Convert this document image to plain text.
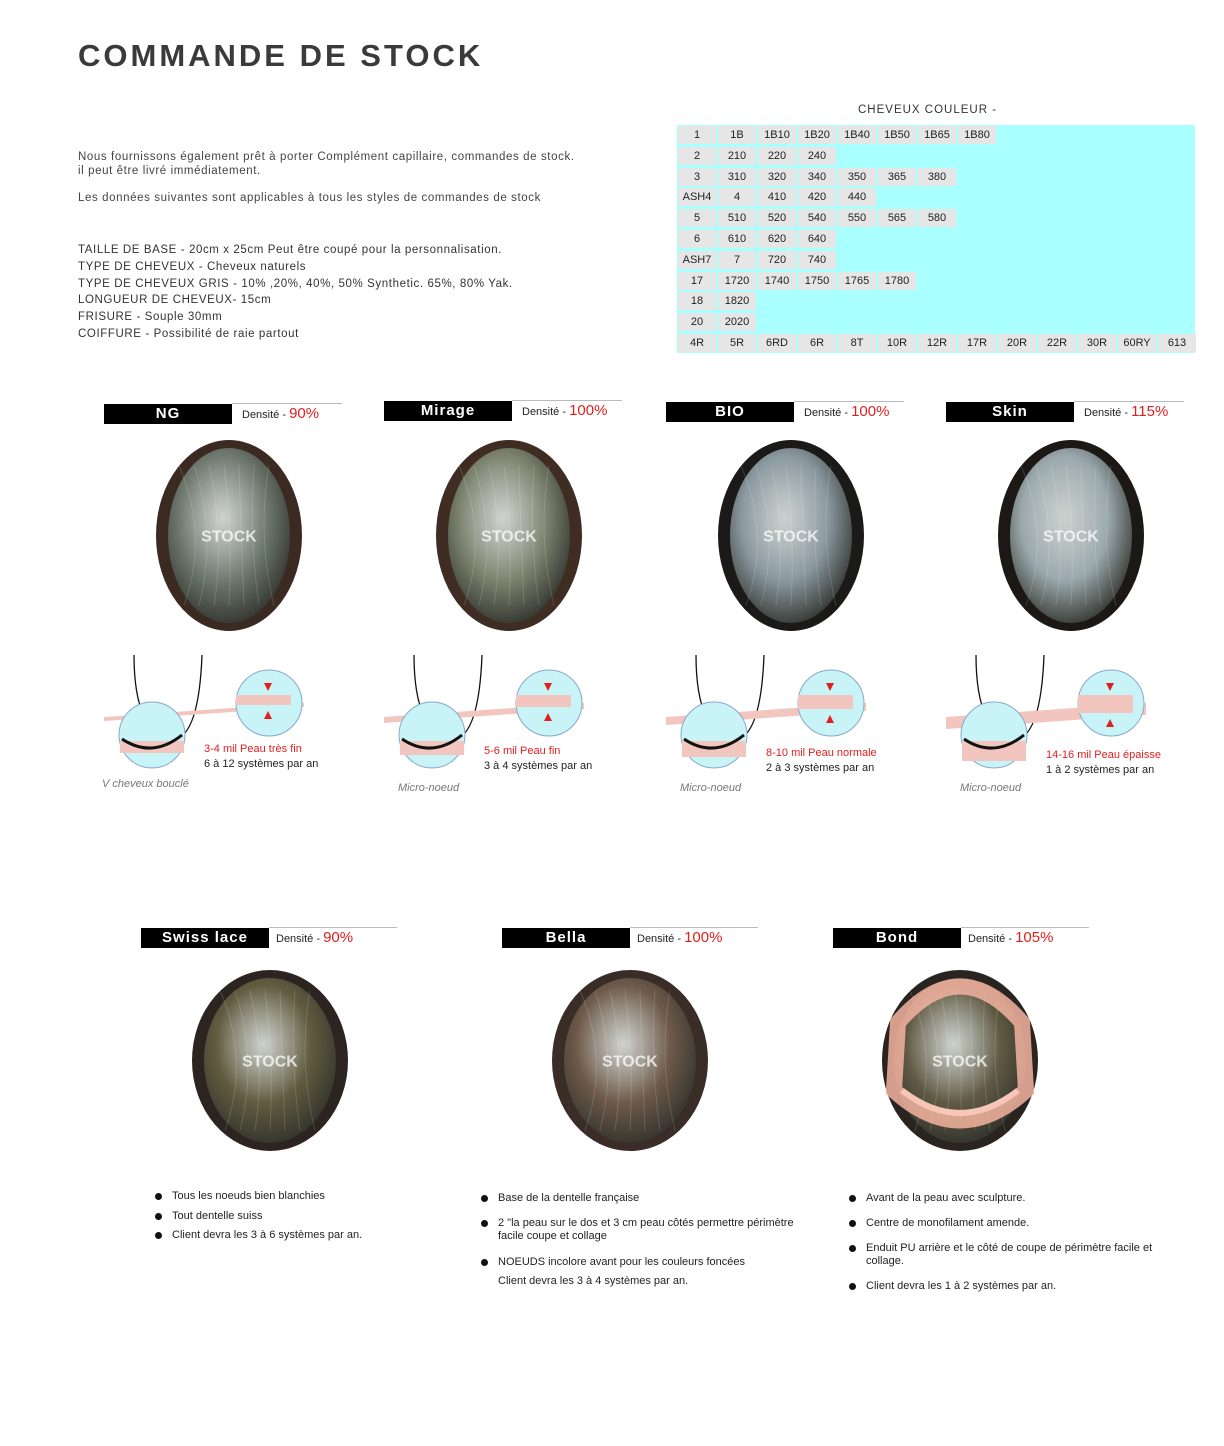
COMMANDE DE STOCK
Nous fournissons également prêt à porter Complément capillaire, commandes de stock.
il peut être livré immédiatement.
Les données suivantes sont applicables à tous les styles de commandes de stock
TAILLE DE BASE - 20cm x 25cm Peut être coupé pour la personnalisation.
TYPE DE CHEVEUX - Cheveux naturels
TYPE DE CHEVEUX GRIS - 10% ,20%, 40%, 50% Synthetic. 65%, 80% Yak.
LONGUEUR DE CHEVEUX- 15cm
FRISURE - Souple 30mm
COIFFURE - Possibilité de raie partout
CHEVEUX COULEUR -
1	1B	1B10	1B20	1B40	1B50	1B65	1B80
2	210	220	240
3	310	320	340	350	365	380
ASH4	4	410	420	440
5	510	520	540	550	565	580
6	610	620	640
ASH7	7	720	740
17	1720	1740	1750	1765	1780
18	1820
20	2020
4R	5R	6RD	6R	8T	10R	12R	17R	20R	22R	30R	60RY	613
NG	Densité - 90%
STOCK
3-4 mil Peau très fin
6 à 12 systèmes par an
V cheveux bouclé
Mirage	Densité - 100%
STOCK
5-6 mil Peau fin
3 à 4 systèmes par an
Micro-noeud
BIO	Densité - 100%
STOCK
8-10 mil Peau normale
2 à 3 systèmes par an
Micro-noeud
Skin	Densité - 115%
STOCK
14-16 mil Peau épaisse
1 à 2 systèmes par an
Micro-noeud
Swiss lace	Densité - 90%
STOCK
Tous les noeuds bien blanchies
Tout dentelle suiss
Client devra les 3 à 6 systèmes par an.
Bella	Densité - 100%
STOCK
Base de la dentelle française
2 "la peau sur le dos et 3 cm peau côtés permettre périmètre facile coupe et collage
NOEUDS incolore avant pour les couleurs foncées
Client devra les 3 à 4 systèmes par an.
Bond	Densité - 105%
STOCK
Avant de la peau avec sculpture.
Centre de monofilament amende.
Enduit PU arrière et le côté de coupe de périmètre facile et collage.
Client devra les 1 à 2 systèmes par an.
